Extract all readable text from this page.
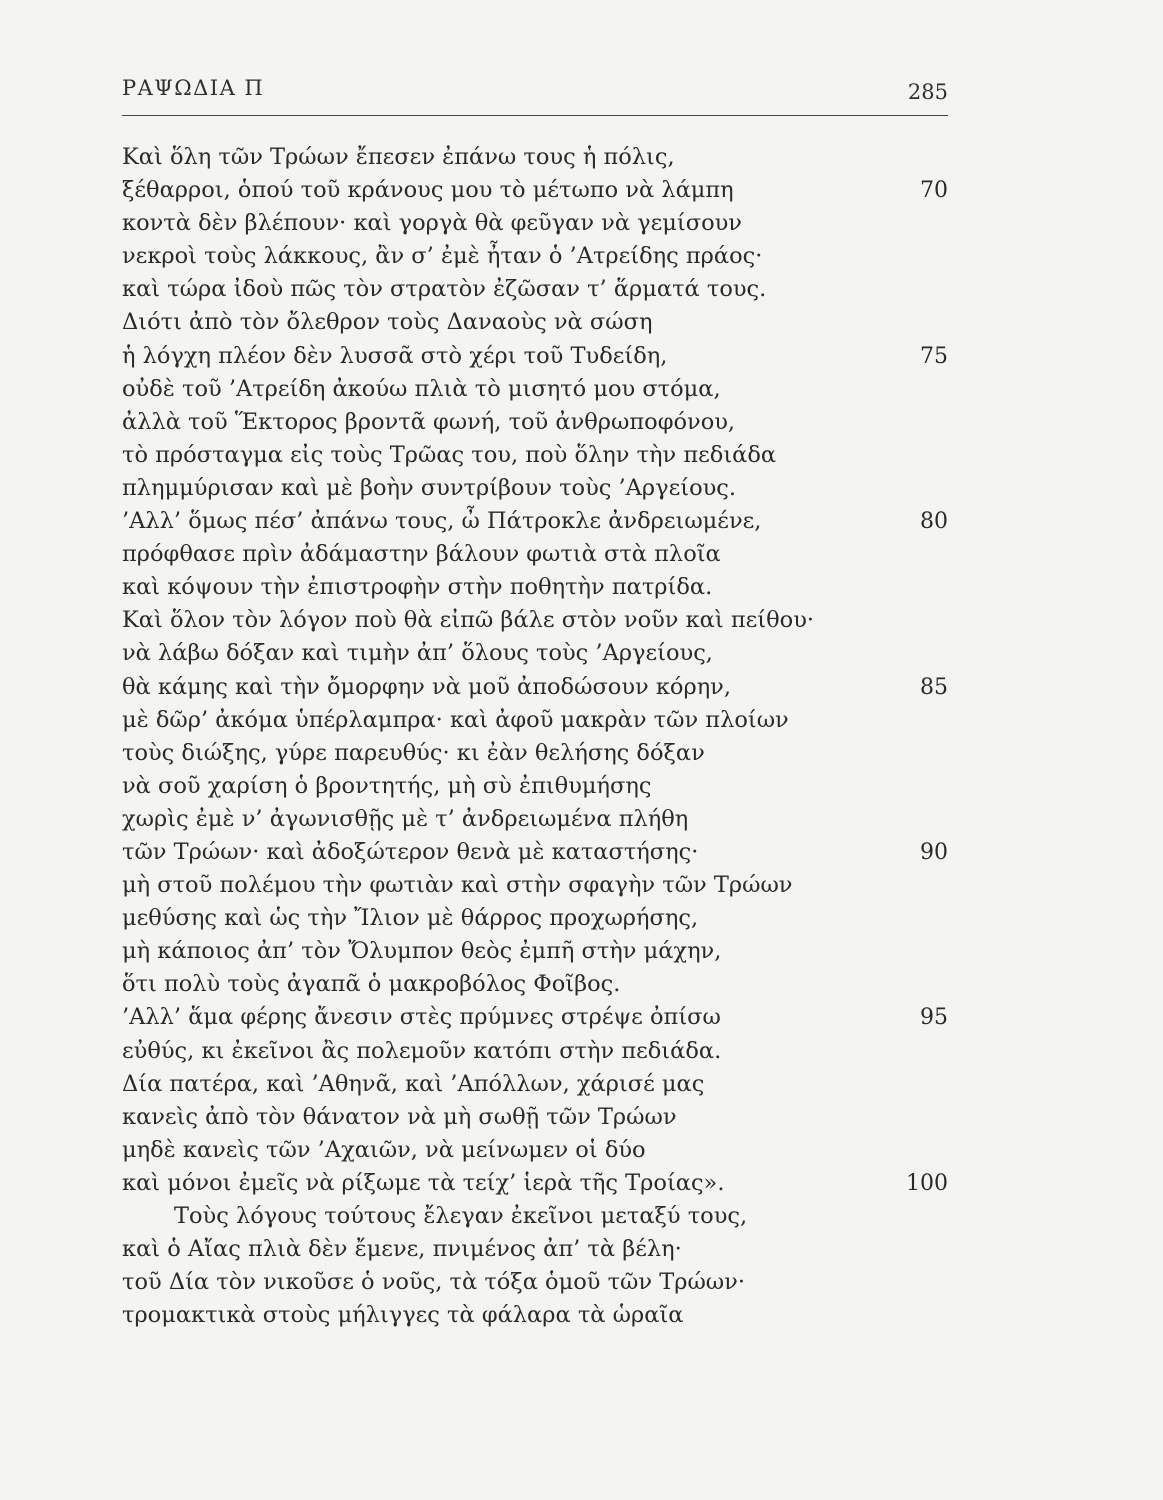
ΡΑΨΩΔΙΑ Π	285
Καὶ ὅλη τῶν Τρώων ἔπεσεν ἐπάνω τους ἡ πόλις,
ξέθαρροι, ὁπού τοῦ κράνους μου τὸ μέτωπο νὰ λάμπη	70
κοντὰ δὲν βλέπουν· καὶ γοργὰ θὰ φεῦγαν νὰ γεμίσουν
νεκροὶ τοὺς λάκκους, ἂν σ’ ἐμὲ ἦταν ὁ ’Ατρείδης πράος·
καὶ τώρα ἰδοὺ πῶς τὸν στρατὸν ἐζῶσαν τ’ ἅρματά τους.
Διότι ἀπὸ τὸν ὄλεθρον τοὺς Δαναοὺς νὰ σώση
ἡ λόγχη πλέον δὲν λυσσᾶ στὸ χέρι τοῦ Τυδείδη,	75
οὐδὲ τοῦ ’Ατρείδη ἀκούω πλιὰ τὸ μισητό μου στόμα,
ἀλλὰ τοῦ Ἕκτορος βροντᾶ φωνή, τοῦ ἀνθρωποφόνου,
τὸ πρόσταγμα εἰς τοὺς Τρῶας του, ποὺ ὅλην τὴν πεδιάδα
πλημμύρισαν καὶ μὲ βοὴν συντρίβουν τοὺς ’Αργείους.
’Αλλ’ ὅμως πέσ’ ἀπάνω τους, ὦ Πάτροκλε ἀνδρειωμένε,	80
πρόφθασε πρὶν ἀδάμαστην βάλουν φωτιὰ στὰ πλοῖα
καὶ κόψουν τὴν ἐπιστροφὴν στὴν ποθητὴν πατρίδα.
Καὶ ὅλον τὸν λόγον ποὺ θὰ εἰπῶ βάλε στὸν νοῦν καὶ πείθου·
νὰ λάβω δόξαν καὶ τιμὴν ἀπ’ ὅλους τοὺς ’Αργείους,
θὰ κάμης καὶ τὴν ὄμορφην νὰ μοῦ ἀποδώσουν κόρην,	85
μὲ δῶρ’ ἀκόμα ὑπέρλαμπρα· καὶ ἀφοῦ μακρὰν τῶν πλοίων
τοὺς διώξης, γύρε παρευθύς· κι ἐὰν θελήσης δόξαν
νὰ σοῦ χαρίση ὁ βροντητής, μὴ σὺ ἐπιθυμήσης
χωρὶς ἐμὲ ν’ ἀγωνισθῇς μὲ τ’ ἀνδρειωμένα πλήθη
τῶν Τρώων· καὶ ἀδοξώτερον θενὰ μὲ καταστήσης·	90
μὴ στοῦ πολέμου τὴν φωτιὰν καὶ στὴν σφαγὴν τῶν Τρώων
μεθύσης καὶ ὡς τὴν Ἴλιον μὲ θάρρος προχωρήσης,
μὴ κάποιος ἀπ’ τὸν Ὄλυμπον θεὸς ἐμπῆ στὴν μάχην,
ὅτι πολὺ τοὺς ἀγαπᾶ ὁ μακροβόλος Φοῖβος.
’Αλλ’ ἅμα φέρης ἄνεσιν στὲς πρύμνες στρέψε ὀπίσω	95
εὐθύς, κι ἐκεῖνοι ἂς πολεμοῦν κατόπι στὴν πεδιάδα.
Δία πατέρα, καὶ ’Αθηνᾶ, καὶ ’Απόλλων, χάρισέ μας
κανεὶς ἀπὸ τὸν θάνατον νὰ μὴ σωθῇ τῶν Τρώων
μηδὲ κανεὶς τῶν ’Αχαιῶν, νὰ μείνωμεν οἱ δύο
καὶ μόνοι ἐμεῖς νὰ ρίξωμε τὰ τείχ’ ἱερὰ τῆς Τροίας».	100
Τοὺς λόγους τούτους ἔλεγαν ἐκεῖνοι μεταξύ τους,
καὶ ὁ Αἴας πλιὰ δὲν ἔμενε, πνιμένος ἀπ’ τὰ βέλη·
τοῦ Δία τὸν νικοῦσε ὁ νοῦς, τὰ τόξα ὁμοῦ τῶν Τρώων·
τρομακτικὰ στοὺς μήλιγγες τὰ φάλαρα τὰ ὡραῖα
